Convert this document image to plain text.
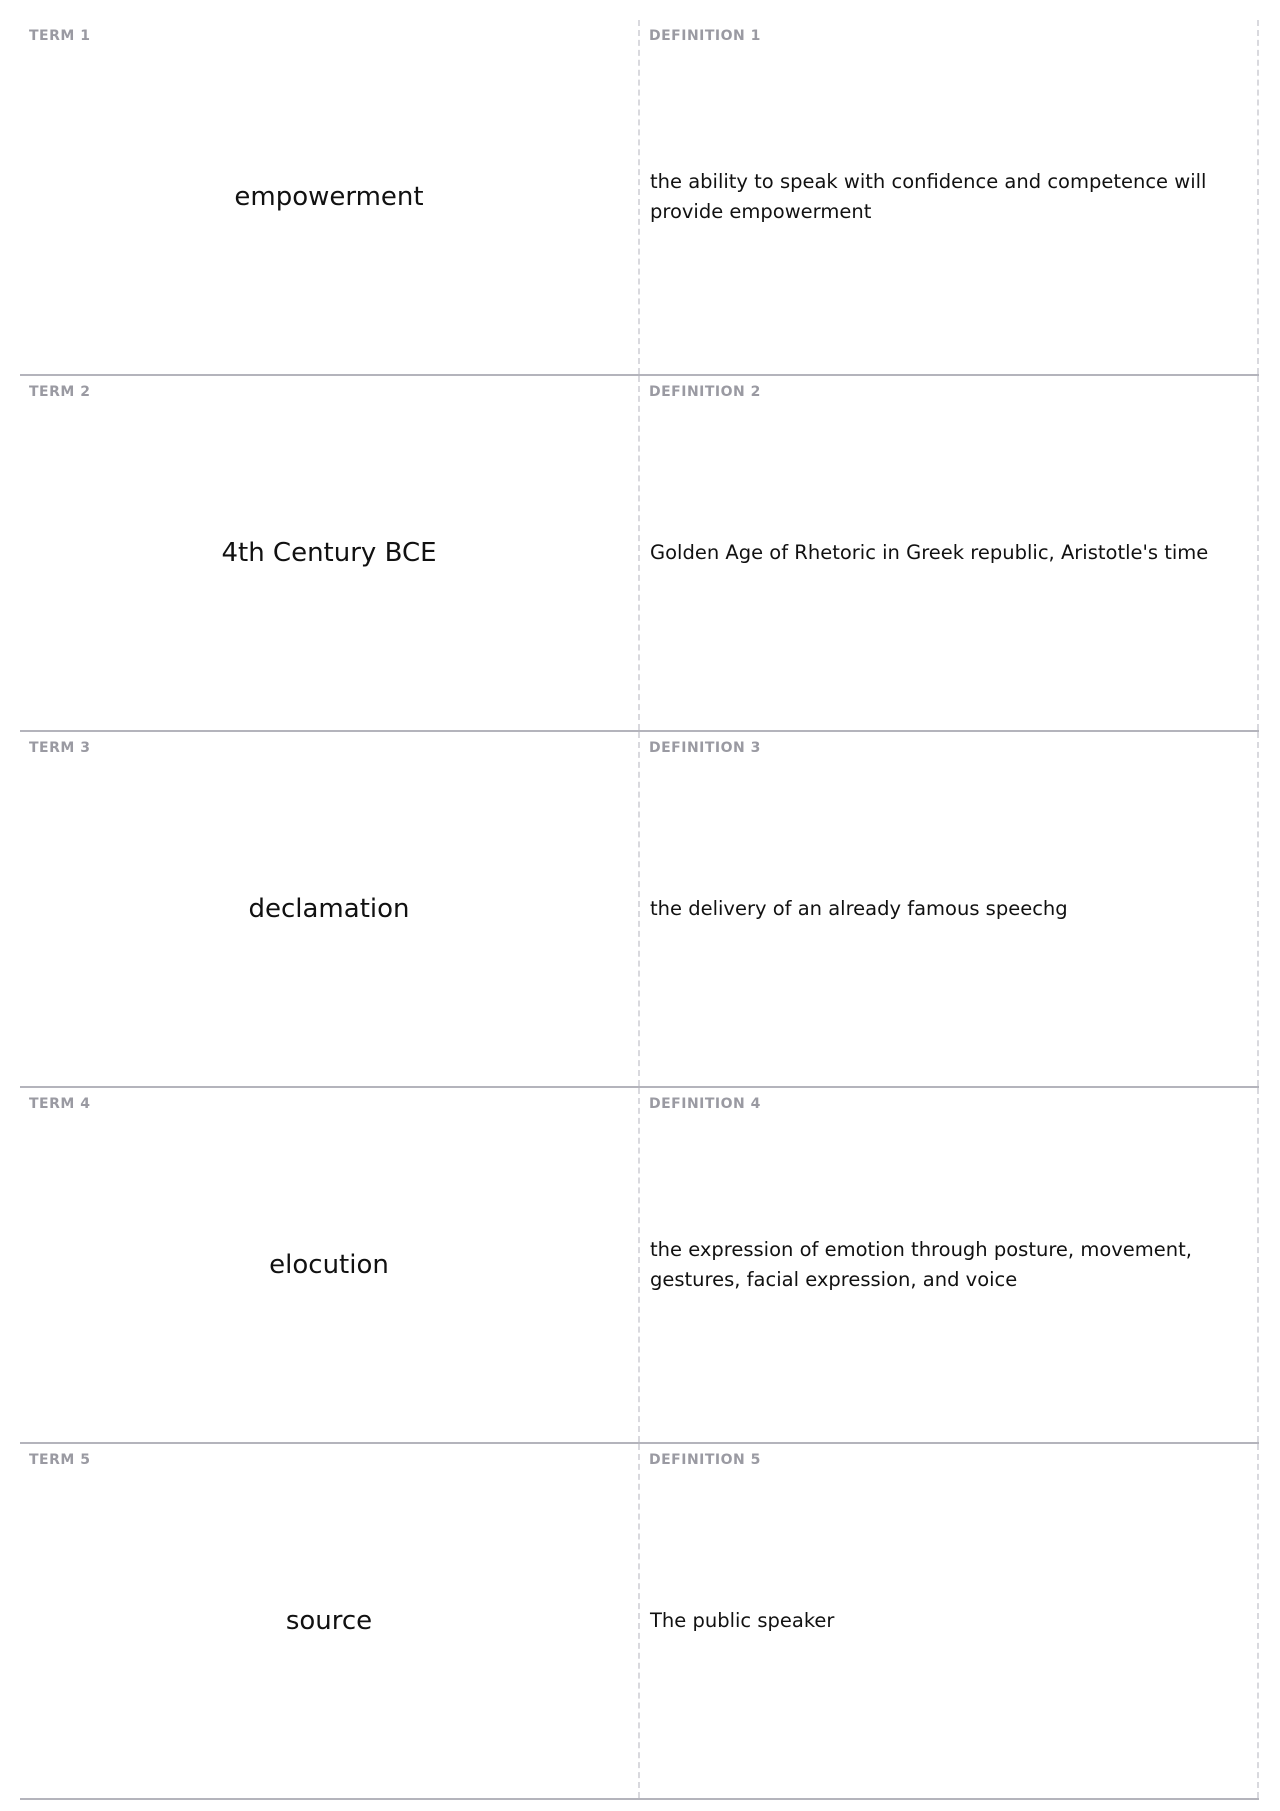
TERM 1
empowerment
DEFINITION 1
the ability to speak with confidence and competence will provide empowerment
TERM 2
4th Century BCE
DEFINITION 2
Golden Age of Rhetoric in Greek republic, Aristotle's time
TERM 3
declamation
DEFINITION 3
the delivery of an already famous speechg
TERM 4
elocution
DEFINITION 4
the expression of emotion through posture, movement, gestures, facial expression, and voice
TERM 5
source
DEFINITION 5
The public speaker
